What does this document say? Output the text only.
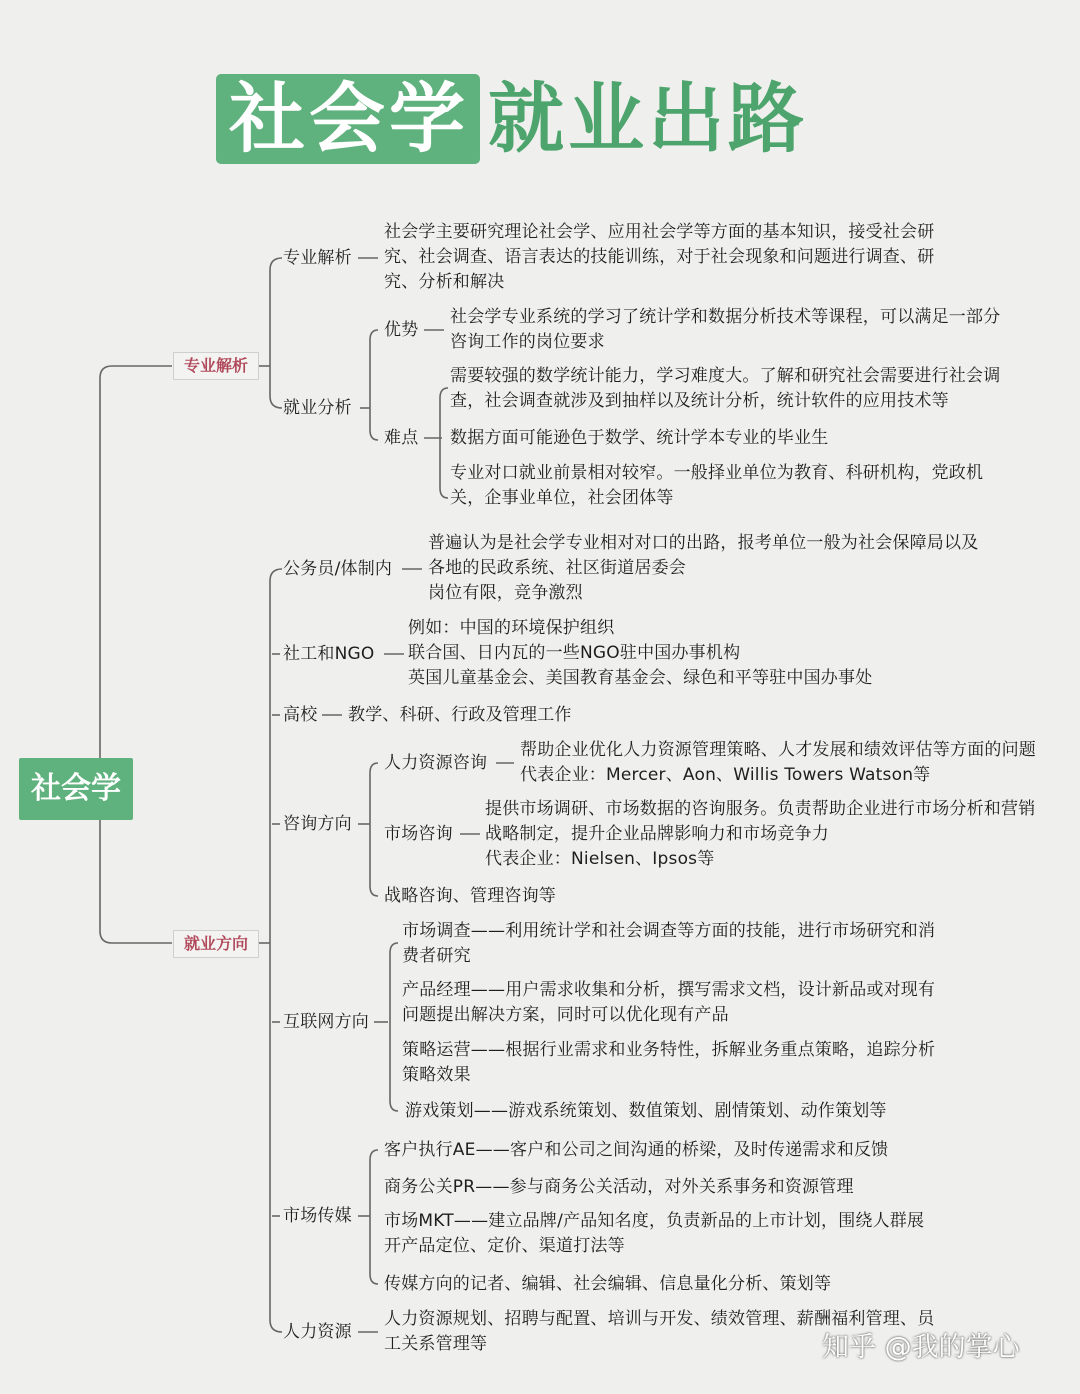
社会学 就业出路
社会学
专业解析
就业方向
专业解析
社会学主要研究理论社会学、应用社会学等方面的基本知识，接受社会研
究、社会调查、语言表达的技能训练，对于社会现象和问题进行调查、研
究、分析和解决
就业分析
优势
社会学专业系统的学习了统计学和数据分析技术等课程，可以满足一部分
咨询工作的岗位要求
难点
需要较强的数学统计能力，学习难度大。了解和研究社会需要进行社会调
查，社会调查就涉及到抽样以及统计分析，统计软件的应用技术等
数据方面可能逊色于数学、统计学本专业的毕业生
专业对口就业前景相对较窄。一般择业单位为教育、科研机构，党政机
关，企事业单位，社会团体等
公务员/体制内
普遍认为是社会学专业相对对口的出路，报考单位一般为社会保障局以及
各地的民政系统、社区街道居委会
岗位有限，竞争激烈
社工和NGO
例如：中国的环境保护组织
联合国、日内瓦的一些NGO驻中国办事机构
英国儿童基金会、美国教育基金会、绿色和平等驻中国办事处
高校 教学、科研、行政及管理工作
咨询方向
人力资源咨询
帮助企业优化人力资源管理策略、人才发展和绩效评估等方面的问题
代表企业：Mercer、Aon、Willis Towers Watson等
市场咨询
提供市场调研、市场数据的咨询服务。负责帮助企业进行市场分析和营销
战略制定，提升企业品牌影响力和市场竞争力
代表企业：Nielsen、Ipsos等
战略咨询、管理咨询等
互联网方向
市场调查——利用统计学和社会调查等方面的技能，进行市场研究和消
费者研究
产品经理——用户需求收集和分析，撰写需求文档，设计新品或对现有
问题提出解决方案，同时可以优化现有产品
策略运营——根据行业需求和业务特性，拆解业务重点策略，追踪分析
策略效果
游戏策划——游戏系统策划、数值策划、剧情策划、动作策划等
市场传媒
客户执行AE——客户和公司之间沟通的桥梁，及时传递需求和反馈
商务公关PR——参与商务公关活动，对外关系事务和资源管理
市场MKT——建立品牌/产品知名度，负责新品的上市计划，围绕人群展
开产品定位、定价、渠道打法等
传媒方向的记者、编辑、社会编辑、信息量化分析、策划等
人力资源
人力资源规划、招聘与配置、培训与开发、绩效管理、薪酬福利管理、员
工关系管理等	知乎 @我的掌心
